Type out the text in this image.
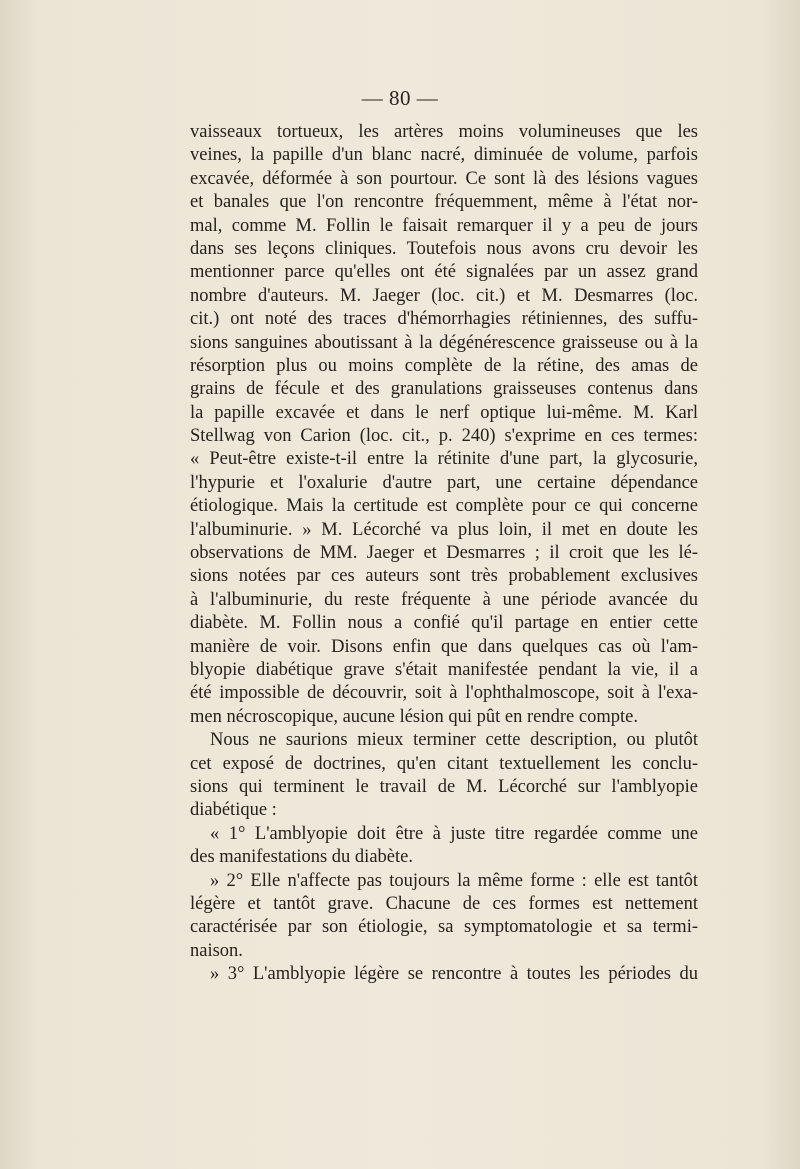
— 80 —
vaisseaux tortueux, les artères moins volumineuses que les
veines, la papille d'un blanc nacré, diminuée de volume, parfois
excavée, déformée à son pourtour. Ce sont là des lésions vagues
et banales que l'on rencontre fréquemment, même à l'état nor-
mal, comme M. Follin le faisait remarquer il y a peu de jours
dans ses leçons cliniques. Toutefois nous avons cru devoir les
mentionner parce qu'elles ont été signalées par un assez grand
nombre d'auteurs. M. Jaeger (loc. cit.) et M. Desmarres (loc.
cit.) ont noté des traces d'hémorrhagies rétiniennes, des suffu-
sions sanguines aboutissant à la dégénérescence graisseuse ou à la
résorption plus ou moins complète de la rétine, des amas de
grains de fécule et des granulations graisseuses contenus dans
la papille excavée et dans le nerf optique lui-même. M. Karl
Stellwag von Carion (loc. cit., p. 240) s'exprime en ces termes:
« Peut-être existe-t-il entre la rétinite d'une part, la glycosurie,
l'hypurie et l'oxalurie d'autre part, une certaine dépendance
étiologique. Mais la certitude est complète pour ce qui concerne
l'albuminurie. » M. Lécorché va plus loin, il met en doute les
observations de MM. Jaeger et Desmarres ; il croit que les lé-
sions notées par ces auteurs sont très probablement exclusives
à l'albuminurie, du reste fréquente à une période avancée du
diabète. M. Follin nous a confié qu'il partage en entier cette
manière de voir. Disons enfin que dans quelques cas où l'am-
blyopie diabétique grave s'était manifestée pendant la vie, il a
été impossible de découvrir, soit à l'ophthalmoscope, soit à l'exa-
men nécroscopique, aucune lésion qui pût en rendre compte.
Nous ne saurions mieux terminer cette description, ou plutôt
cet exposé de doctrines, qu'en citant textuellement les conclu-
sions qui terminent le travail de M. Lécorché sur l'amblyopie
diabétique :
« 1° L'amblyopie doit être à juste titre regardée comme une
des manifestations du diabète.
» 2° Elle n'affecte pas toujours la même forme : elle est tantôt
légère et tantôt grave. Chacune de ces formes est nettement
caractérisée par son étiologie, sa symptomatologie et sa termi-
naison.
» 3° L'amblyopie légère se rencontre à toutes les périodes du
